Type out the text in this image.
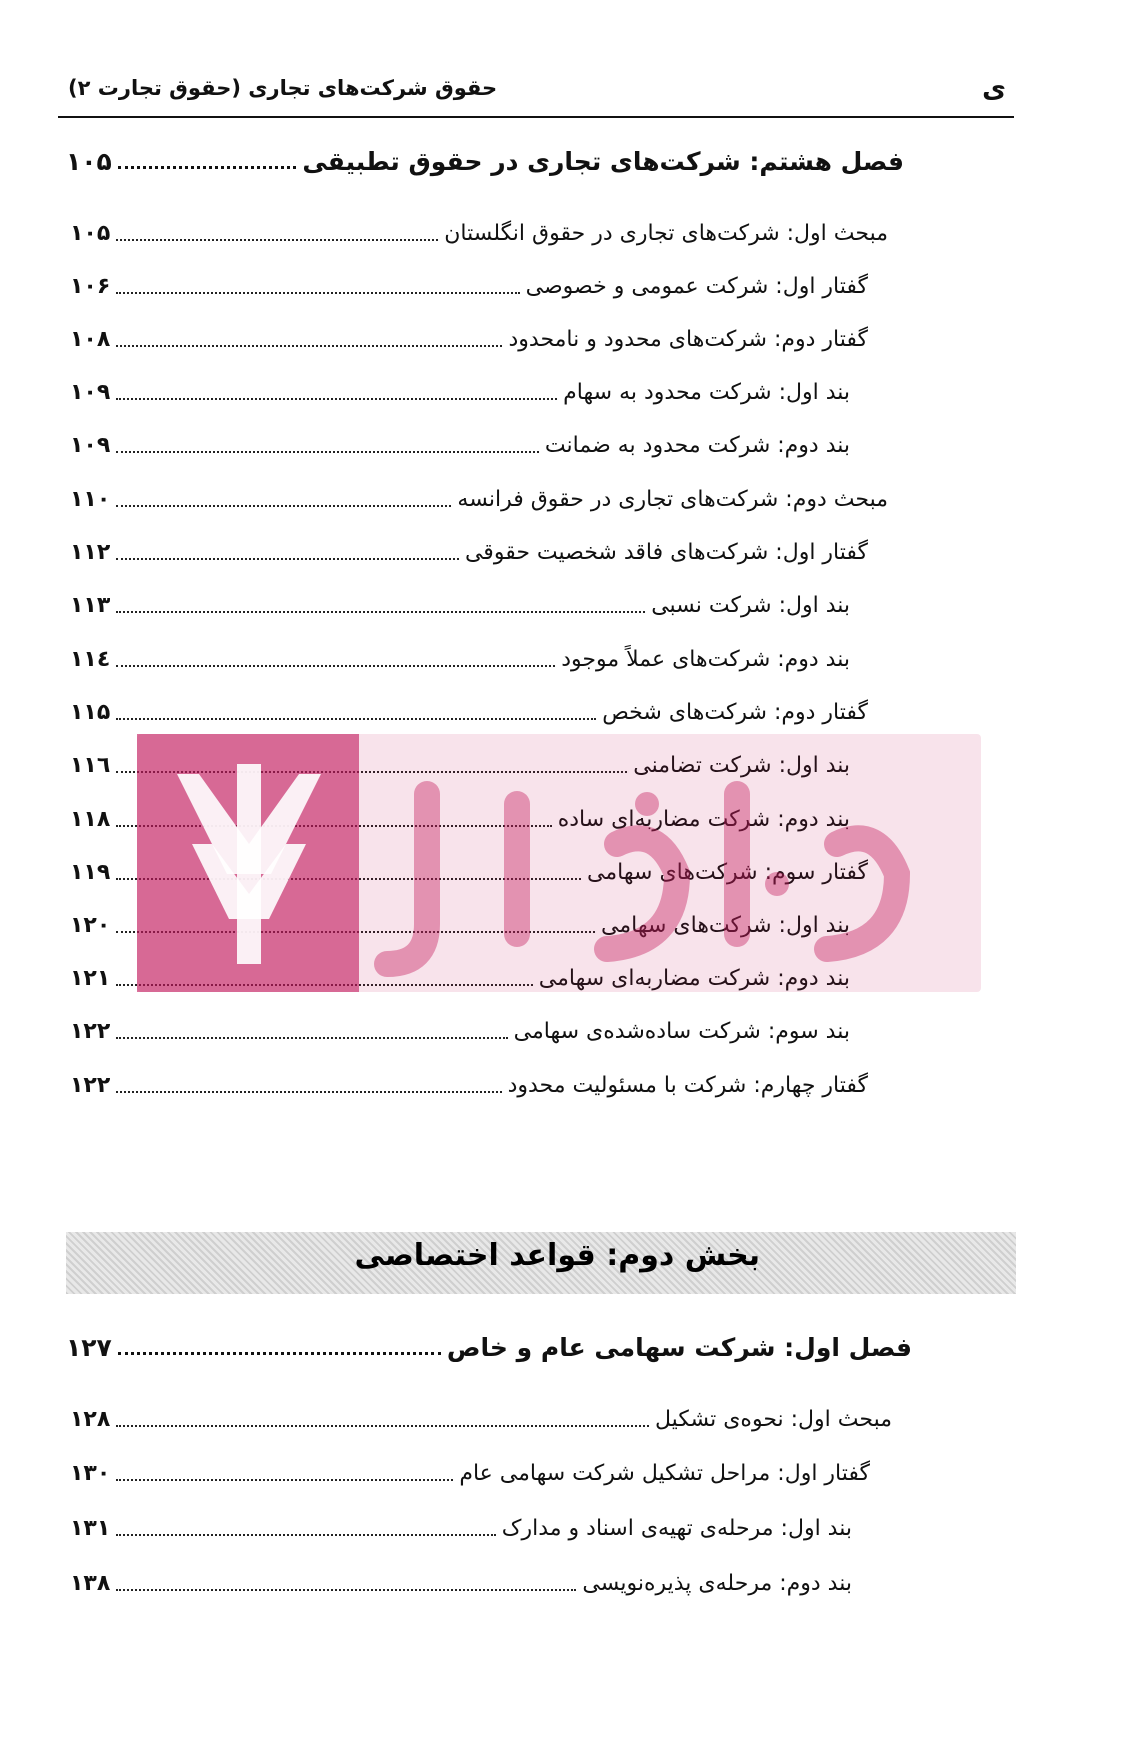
ی
حقوق شرکت‌های تجاری (حقوق تجارت ۲)
فصل هشتم: شرکت‌های تجاری در حقوق تطبیقی
۱۰۵
مبحث اول: شرکت‌های تجاری در حقوق انگلستان
۱۰۵
گفتار اول: شرکت عمومی و خصوصی
۱۰۶
گفتار دوم: شرکت‌های محدود و نامحدود
۱۰۸
بند اول: شرکت محدود به سهام
۱۰۹
بند دوم: شرکت محدود به ضمانت
۱۰۹
مبحث دوم: شرکت‌های تجاری در حقوق فرانسه
۱۱۰
گفتار اول: شرکت‌های فاقد شخصیت حقوقی
۱۱۲
بند اول: شرکت نسبی
۱۱۳
بند دوم: شرکت‌های عملاً موجود
۱۱٤
گفتار دوم: شرکت‌های شخص
۱۱۵
بند اول: شرکت تضامنی
۱۱٦
بند دوم: شرکت مضاربه‌ای ساده
۱۱۸
گفتار سوم: شرکت‌های سهامی
۱۱۹
بند اول: شرکت‌های سهامی
۱۲۰
بند دوم: شرکت مضاربه‌ای سهامی
۱۲۱
بند سوم: شرکت ساده‌شده‌ی سهامی
۱۲۲
گفتار چهارم: شرکت با مسئولیت محدود
۱۲۲
بخش دوم: قواعد اختصاصی
فصل اول: شرکت سهامی عام و خاص
۱۲۷
مبحث اول: نحوه‌ی تشکیل
۱۲۸
گفتار اول: مراحل تشکیل شرکت سهامی عام
۱۳۰
بند اول: مرحله‌ی تهیه‌ی اسناد و مدارک
۱۳۱
بند دوم: مرحله‌ی پذیره‌نویسی
۱۳۸
